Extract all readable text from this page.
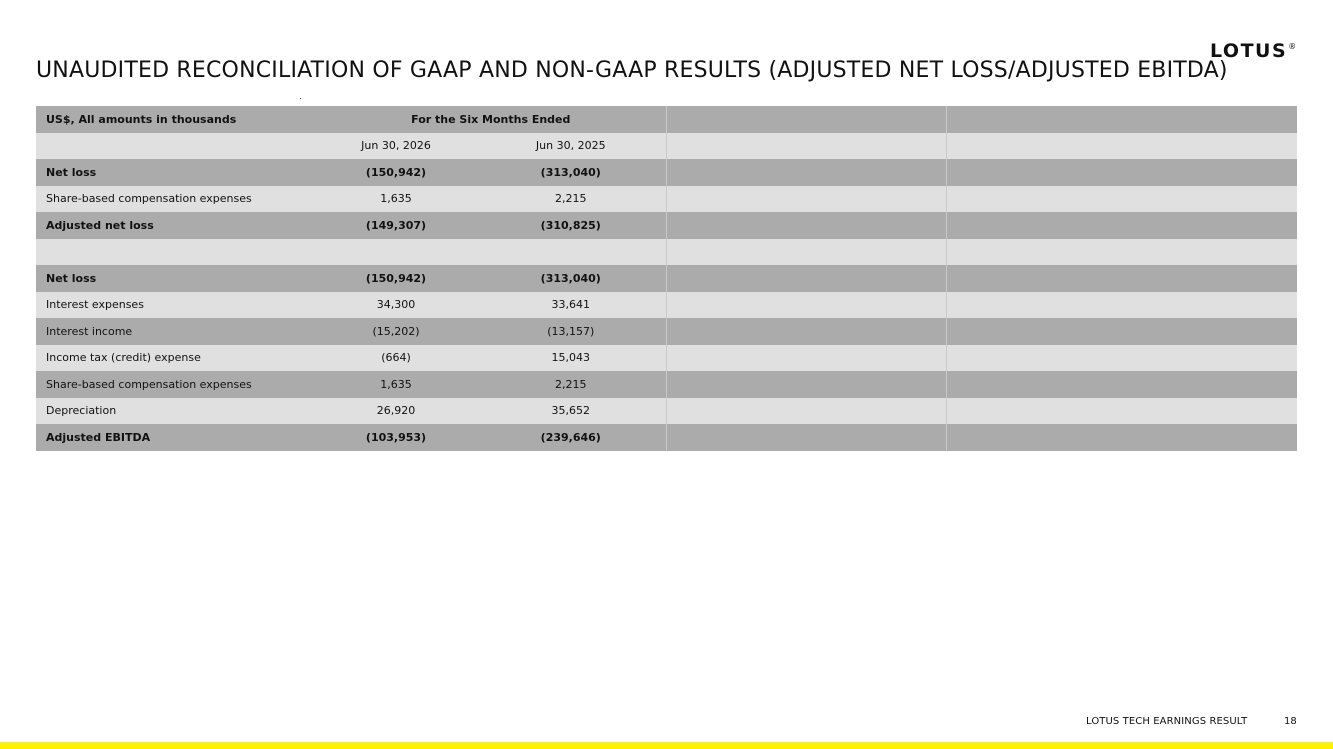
LOTUS®
UNAUDITED RECONCILIATION OF GAAP AND NON-GAAP RESULTS (ADJUSTED NET LOSS/ADJUSTED EBITDA)
US$, All amounts in thousands	For the Six Months Ended			
	Jun 30, 2026	Jun 30, 2025		
Net loss	(150,942)	(313,040)		
Share-based compensation expenses	1,635	2,215		
Adjusted net loss	(149,307)	(310,825)		

Net loss	(150,942)	(313,040)		
Interest expenses	34,300	33,641		
Interest income	(15,202)	(13,157)		
Income tax (credit) expense	(664)	15,043		
Share-based compensation expenses	1,635	2,215		
Depreciation	26,920	35,652		
Adjusted EBITDA	(103,953)	(239,646)		
LOTUS TECH EARNINGS RESULT	18
